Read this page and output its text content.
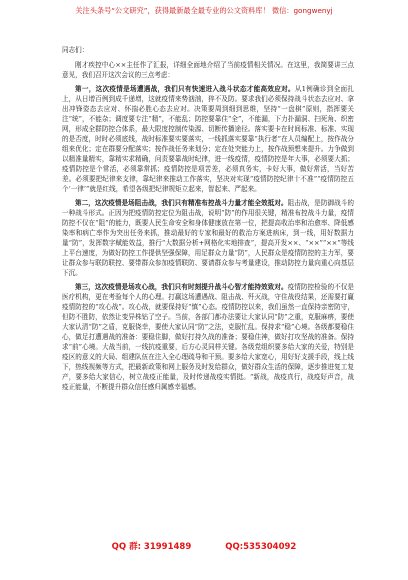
关注头条号“公文研究”，获得最新最全最专业的公文资料库！ 微信：gongwenyj

同志们：

刚才疾控中心××主任作了汇报，详细全面地介绍了当前疫情相关情况。在这里，我简要讲三点意见，我们召开这次会议的三点考虑：

第一，这次疫情是场遭遇战，我们只有快速进入战斗状态才能高效应对。从1例确诊到全面扎上，从日增百例到成千递增，这就疫情来势汹汹，猝不及防。要求我们必须保持战斗状态去应对、拿出冲锋姿态去应对、怀揣必胜心态去应对。决策要周到细到思维，坚持“一盘棋”原则，指挥要关注“统”，不能杂；调度要专注“精”，不能乱；防控要靠住“全”，不能漏，下力扑漏洞、扫死角、织密网，形成全群防控合体系，最大限度控制传染源、切断传播途径。落实要卡在时间标准、标准、实现的是否度，时时必须底线，战时标准要实要落实，一线抓落实要靠“执行者”在人员编配上，按作战分组来优化；定在群要分配落实；按作战任务来划分；定在处突能力上，按作战预想来提升。力争做到以精准量精实，靠精实求精确，问责要靠战时纪律，进一线疫情，疫情防控是年大事，必须要大抓；疫情防控是个常活，必须靠常抓；疫情防控是项苦差，必须真务实，卡好大事，做好常活，当好苦差。必须要把纪律来支律，靠纪律来推动工作落实，坚决对实现“疫情防控纪律十不准”“疫情防控五个‘一律’”就是红线，希望各级把纪律规矩立起来，智起来、严起来。

第二，这次疫情是场阻击战，我们只有精准布控战斗力量才能全效抵对。阻击战，是防御战斗的一种战斗形式。正因为把疫情防控定位为阻击战，说明“防”的作用很关键，精准布控战斗力量，疫情防控不仅在“阻”的能力，既要人民生命安全和身体健康放在第一位，把提高收治率和治愈率、降低感染率和病亡率作为突出任务来抓，推动最好的专家和最好的救治方案进病床，到一线，用好数据力量“防”，发挥数字赋能效益，推行“大数据分析+网格化实地排查”，提高开发××、“××”“××”等线上平台速度，为做好防控工作提供坚强保障，用足群众力量“防”，人民群众是疫情防控的主力军，要让群众参与联防联控、要带群众参加疫情联防、要请群众参与考量建设，推动防控力量向重心向基层下沉。

第三，这次疫情是场攻心战，我们只有时刻提升战斗心智才能持效致对。疫情防控检验的不仅是医疗机构，更在考验每个人的心理。打赢这场遭遇战、阻击战、歼灭战，守住战役结果，还需要打赢疫情防控的“攻心战”。攻心战，就要保持好“慎”心态。疫情防控以来，我们虽然一直保持亲密防守，但防不胜防，依然让变异株钻了空子。当前，各部门都办法要让大家认同“防”之重，克服麻痹，要使大家认清“防”之盾，克服侥幸，要使大家认同“防”之法，克服忙乱。保持求“稳”心境。各级都要稳住心，做足打遭遇战的准备：要稳住脚，做好打持久战的准备；要稳住神，做好打攻坚战的准备。保持求“前”心境。大战当前，一线抗疫重要，后方心灵同样关键。各级党组织要多给大家的关爱，特别是疫区的意义的大局、组建队伍在注入全心理疏导和干预。要多给大家宽心，用好好支援手段，线上线下，热线视频等方式，把最新政策和网上服务及时发给群众，做好群众生活的保障，逐步推进复工复产，要多给大家信心，树立战疫正能量，及时传递战疫实情挺。“新战，战疫真行，战疫好声音，战疫正能量，不断提升群众信任感归属感幸福感。

QQ 群: 31991489	QQ:535304092
